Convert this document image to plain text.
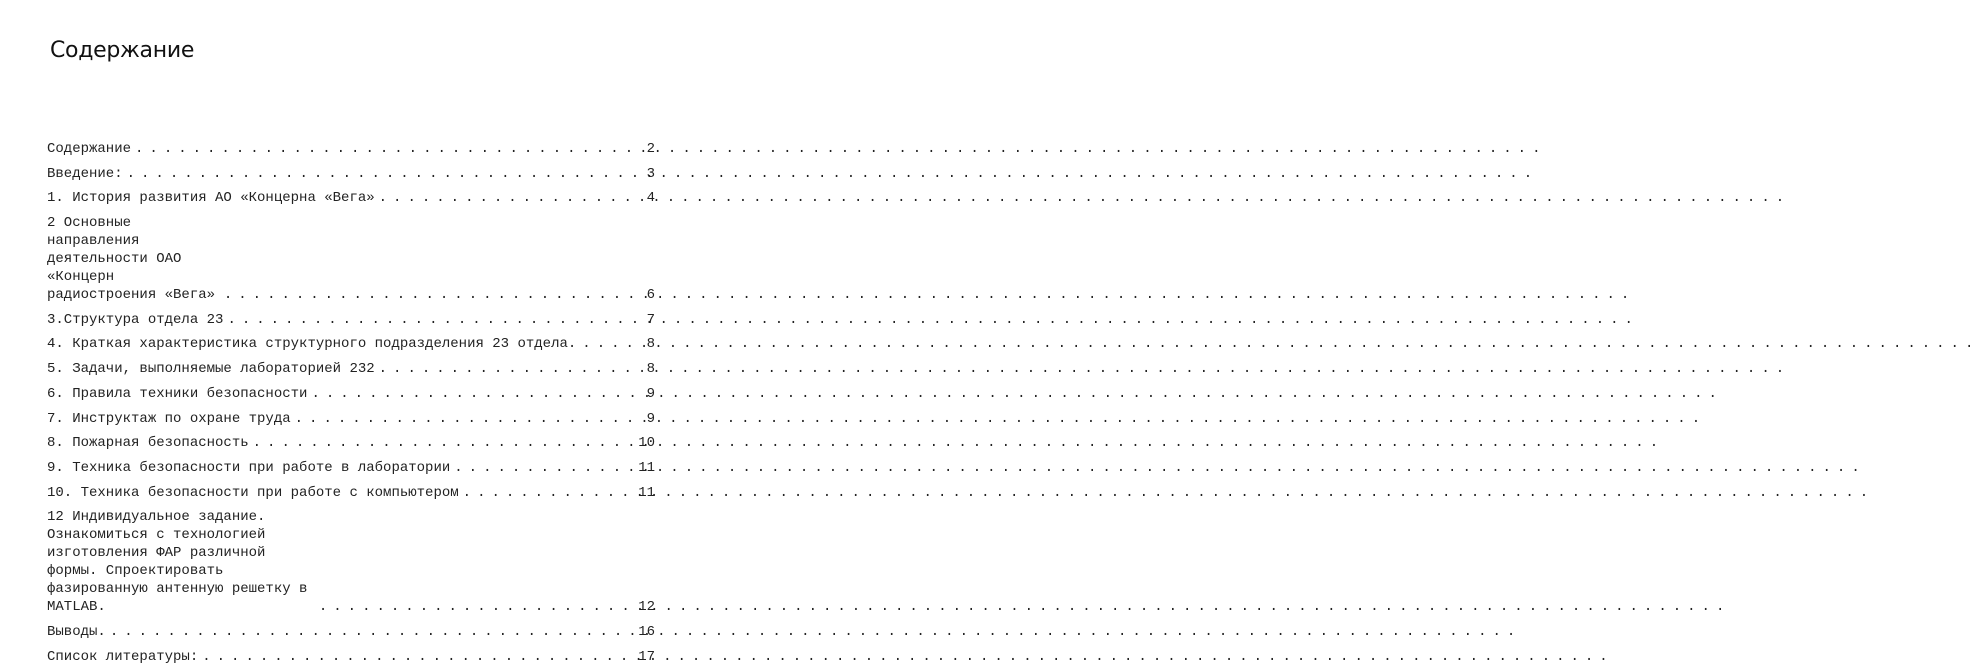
Содержание
Содержание . . .	2
Введение: . . .	3
1. История развития АО «Концерна «Вега» . . .	4
2 Основные направления деятельности ОАО «Концерн радиостроения «Вега» . . .	6
3.Структура отдела 23 . . .	7
4. Краткая характеристика структурного подразделения 23 отдела . . .	8
5. Задачи, выполняемые лабораторией 232 . . .	8
6. Правила техники безопасности . . .	9
7. Инструктаж по охране труда . . .	9
8. Пожарная безопасность . . .	10
9. Техника безопасности при работе в лаборатории . . .	11
10. Техника безопасности при работе с компьютером . . .	11
12 Индивидуальное задание. Ознакомиться с технологией изготовления ФАР различной формы. Спроектировать фазированную антенную решетку в MATLAB. . . .	12
Выводы. . . .	16
Список литературы: . . .	17
